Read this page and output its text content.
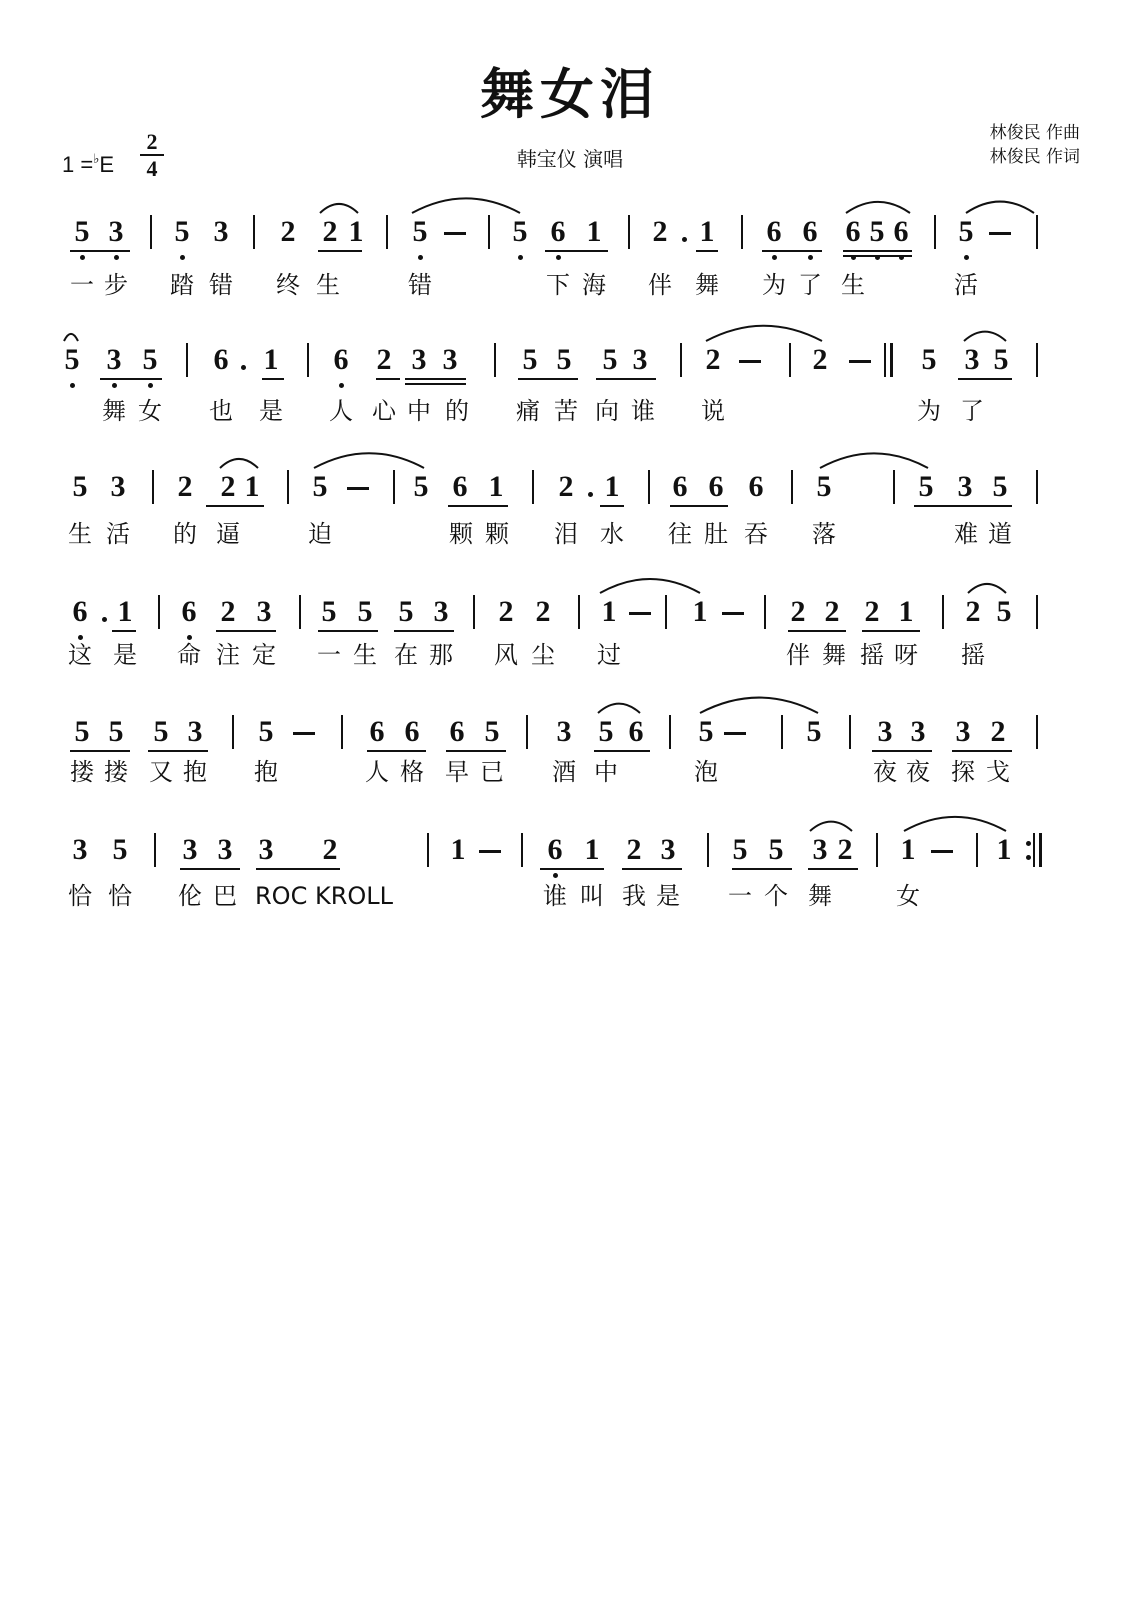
舞女泪
1 =♭E
2
4	韩宝仪 演唱
林俊民 作曲
林俊民 作词
5 3 5 3 2 2 1 5	5 6 1 2 1 6 6 6 5 6 5
一 步	踏 错	终 生	错	下 海	伴 舞	为 了 生	活
5 3 5 6 1 6 2 3 3 5 5 5 3 2	2	5 3 5
舞 女	也	是	人 心 中 的	痛 苦 向 谁	说	为 了
5 3 2 2 1 5	5 6 1 2 1 6 6 6 5	5 3 5
生 活	的 逼	迫	颗 颗	泪 水	往 肚 吞	落	难 道
6 1 6 2 3 5 5 5 3 2 2 1	1	2 2 2 1 2 5
这 是	命 注 定	一 生 在 那	风 尘	过	伴 舞 摇 呀	摇
5 5 5 3 5	6 6 6 5 3 5 6 5	5 3 3 3 2
搂 搂 又 抱	抱	人 格 早 已	酒 中	泡	夜 夜 探 戈
3 5 3 3 3 2	1	6 1 2 3 5 5 3 2 1	1
恰 恰	伦 巴 ROC KROLL	谁 叫 我 是	一 个 舞	女
